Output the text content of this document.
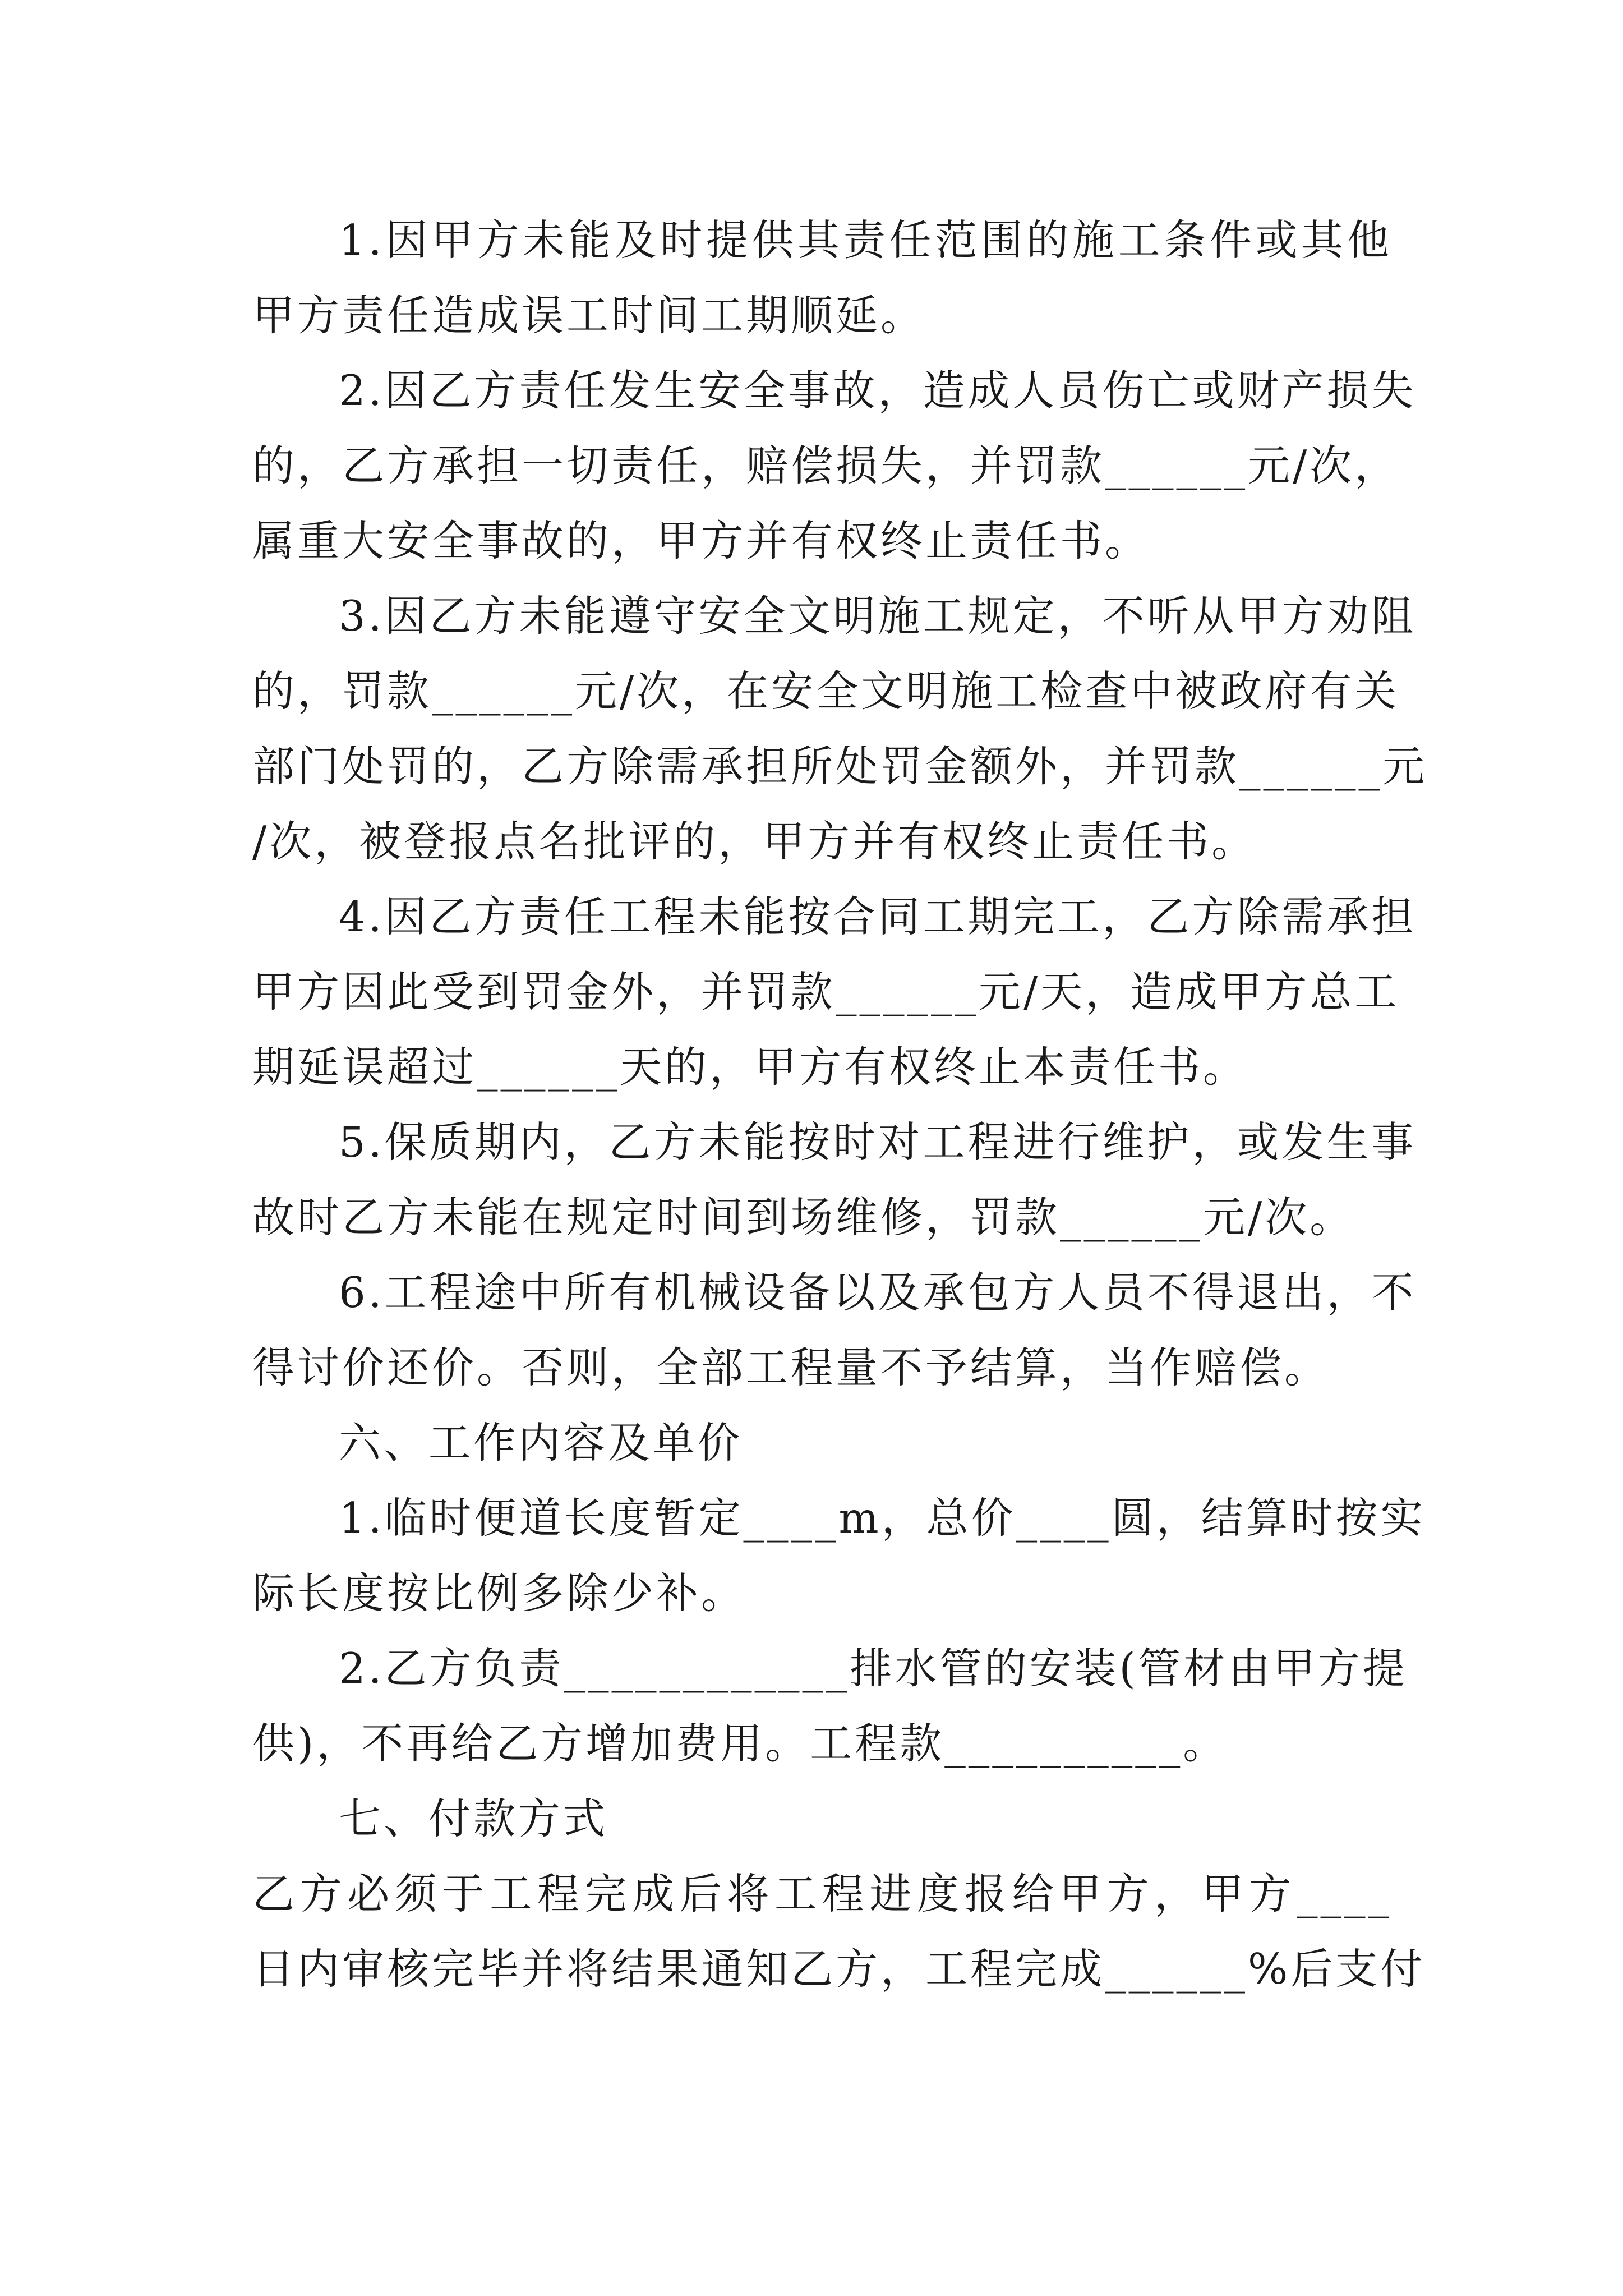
1.因甲方未能及时提供其责任范围的施工条件或其他
甲方责任造成误工时间工期顺延。
2.因乙方责任发生安全事故，造成人员伤亡或财产损失
的，乙方承担一切责任，赔偿损失，并罚款______元/次，
属重大安全事故的，甲方并有权终止责任书。
3.因乙方未能遵守安全文明施工规定，不听从甲方劝阻
的，罚款______元/次，在安全文明施工检查中被政府有关
部门处罚的，乙方除需承担所处罚金额外，并罚款______元
/次，被登报点名批评的，甲方并有权终止责任书。
4.因乙方责任工程未能按合同工期完工，乙方除需承担
甲方因此受到罚金外，并罚款______元/天，造成甲方总工
期延误超过______天的，甲方有权终止本责任书。
5.保质期内，乙方未能按时对工程进行维护，或发生事
故时乙方未能在规定时间到场维修，罚款______元/次。
6.工程途中所有机械设备以及承包方人员不得退出，不
得讨价还价。否则，全部工程量不予结算，当作赔偿。
六、工作内容及单价
1.临时便道长度暂定____m，总价____圆，结算时按实
际长度按比例多除少补。
2.乙方负责____________排水管的安装(管材由甲方提
供)，不再给乙方增加费用。工程款__________。
七、付款方式
乙方必须于工程完成后将工程进度报给甲方，甲方____
日内审核完毕并将结果通知乙方，工程完成______%后支付
